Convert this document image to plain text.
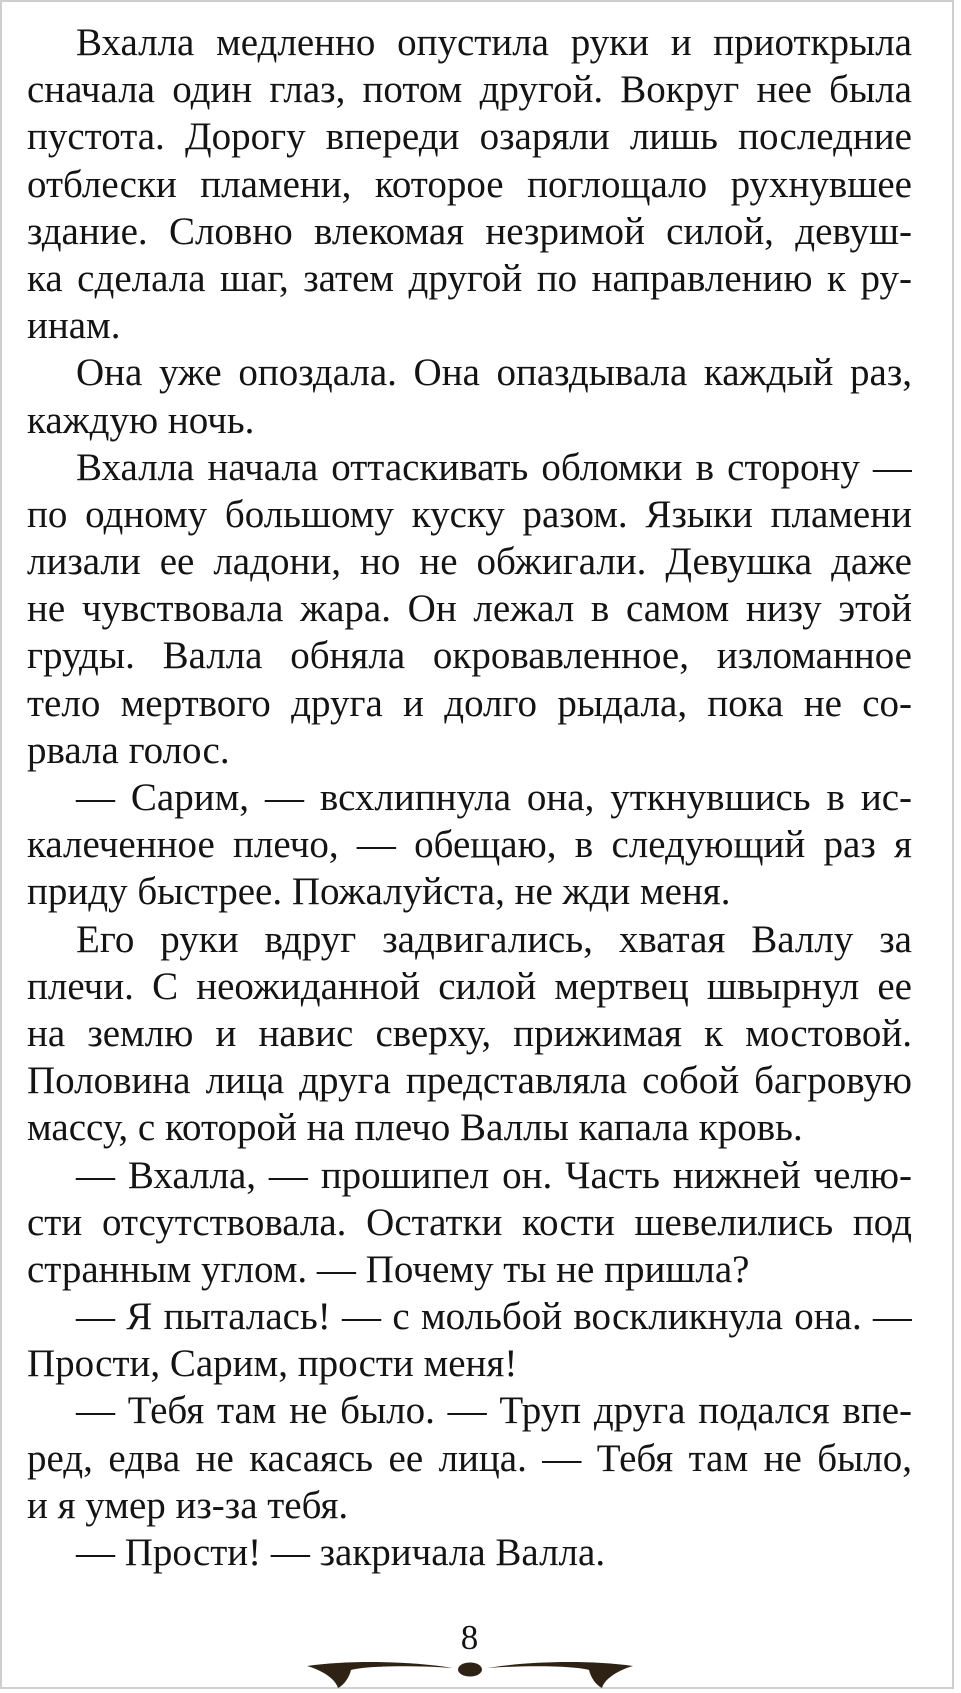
Вхалла медленно опустила руки и приоткрыла
сначала один глаз, потом другой. Вокруг нее была
пустота. Дорогу впереди озаряли лишь последние
отблески пламени, которое поглощало рухнувшее
здание. Словно влекомая незримой силой, девуш-
ка сделала шаг, затем другой по направлению к ру-
инам.
Она уже опоздала. Она опаздывала каждый раз,
каждую ночь.
Вхалла начала оттаскивать обломки в сторону —
по одному большому куску разом. Языки пламени
лизали ее ладони, но не обжигали. Девушка даже
не чувствовала жара. Он лежал в самом низу этой
груды. Валла обняла окровавленное, изломанное
тело мертвого друга и долго рыдала, пока не со-
рвала голос.
— Сарим, — всхлипнула она, уткнувшись в ис-
калеченное плечо, — обещаю, в следующий раз я
приду быстрее. Пожалуйста, не жди меня.
Его руки вдруг задвигались, хватая Валлу за
плечи. С неожиданной силой мертвец швырнул ее
на землю и навис сверху, прижимая к мостовой.
Половина лица друга представляла собой багровую
массу, с которой на плечо Валлы капала кровь.
— Вхалла, — прошипел он. Часть нижней челю-
сти отсутствовала. Остатки кости шевелились под
странным углом. — Почему ты не пришла?
— Я пыталась! — с мольбой воскликнула она. —
Прости, Сарим, прости меня!
— Тебя там не было. — Труп друга подался впе-
ред, едва не касаясь ее лица. — Тебя там не было,
и я умер из-за тебя.
— Прости! — закричала Валла.
8
